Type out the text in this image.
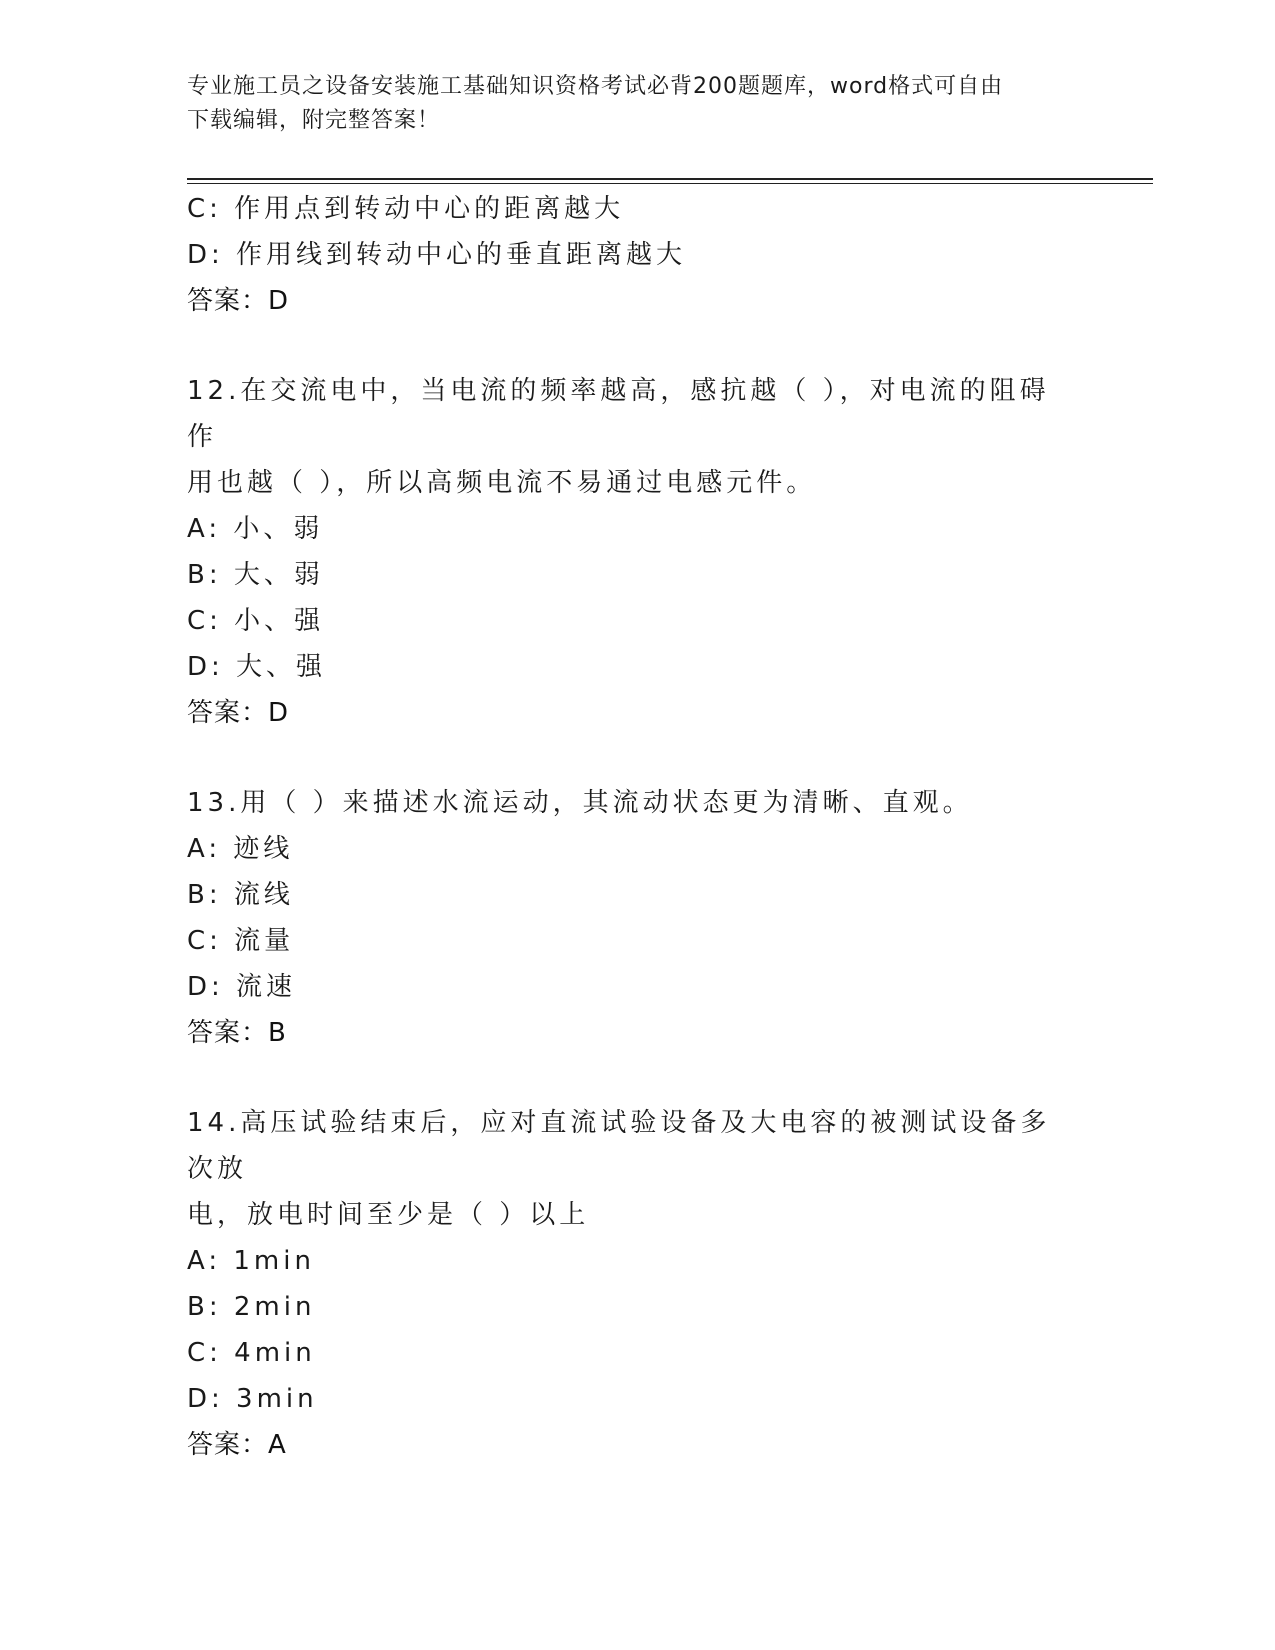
专业施工员之设备安装施工基础知识资格考试必背200题题库，word格式可自由
下载编辑，附完整答案！
C: 作用点到转动中心的距离越大
D: 作用线到转动中心的垂直距离越大
答案：D
12.在交流电中，当电流的频率越高，感抗越（ ），对电流的阻碍作
用也越（ ），所以高频电流不易通过电感元件。
A: 小、弱
B: 大、弱
C: 小、强
D: 大、强
答案：D
13.用（ ）来描述水流运动，其流动状态更为清晰、直观。
A: 迹线
B: 流线
C: 流量
D: 流速
答案：B
14.高压试验结束后，应对直流试验设备及大电容的被测试设备多次放
电，放电时间至少是（ ）以上
A: 1min
B: 2min
C: 4min
D: 3min
答案：A
